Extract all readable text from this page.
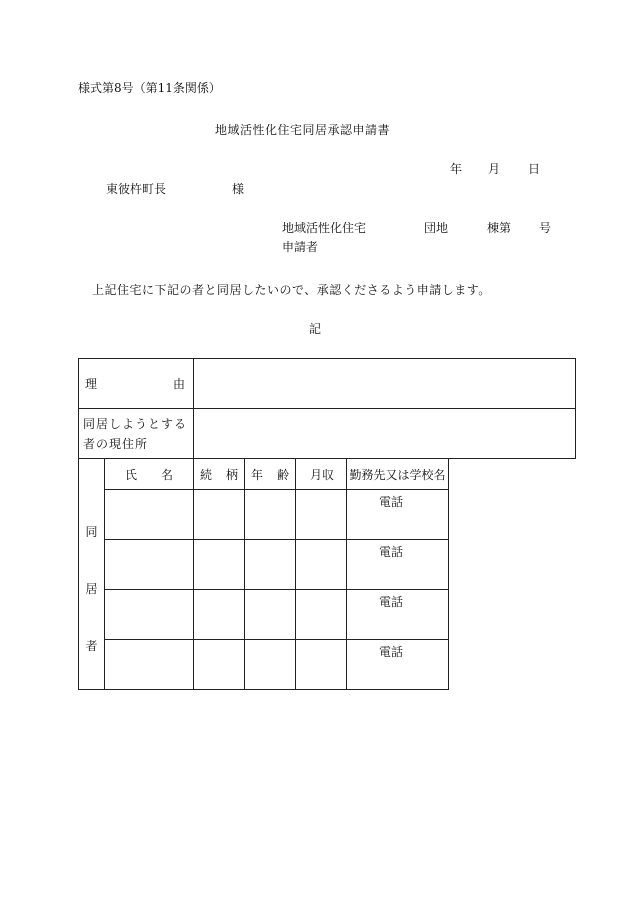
様式第8号（第11条関係）
地域活性化住宅同居承認申請書
年 月 日
東彼杵町長	様
地域活性化住宅	団地	棟第 号
申請者
上記住宅に下記の者と同居したいので、承認くださるよう申請します。
記
理 由					

同居しようとする
者の現住所					

同
居
者	氏 名	続 柄	年 齢	月 収	勤務先又は学校名

					電話

					電話

					電話

					電話
